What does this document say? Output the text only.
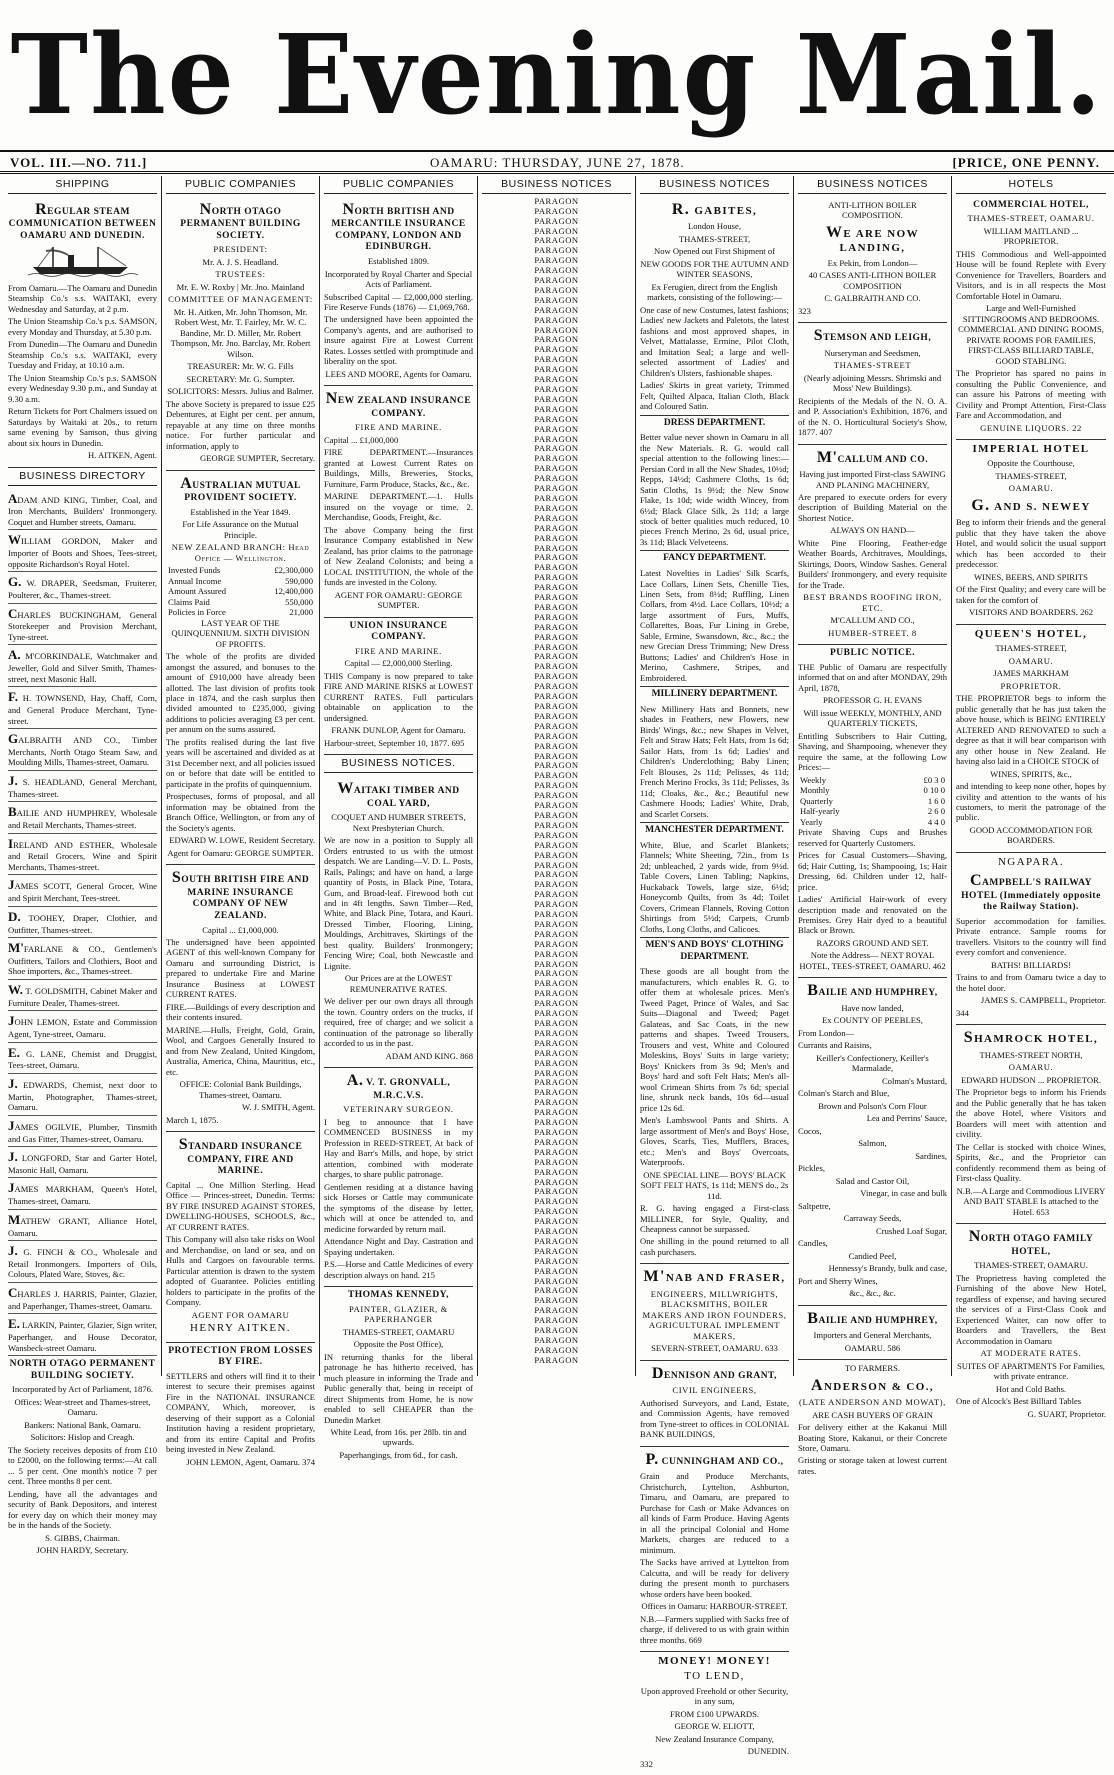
The Evening Mail.
VOL. III.—NO. 711.]	OAMARU: THURSDAY, JUNE 27, 1878.	[PRICE, ONE PENNY.
SHIPPING
REGULAR STEAM COMMUNICATION BETWEEN OAMARU AND DUNEDIN.

From Oamaru.—The Oamaru and Dunedin Steamship Co.'s s.s. WAITAKI, every Wednesday and Saturday, at 2 p.m.

The Union Steamship Co.'s p.s. SAMSON, every Monday and Thursday, at 5.30 p.m.

From Dunedin—The Oamaru and Dunedin Steamship Co.'s s.s. WAITAKI, every Tuesday and Friday, at 10.10 a.m.

The Union Steamship Co.'s p.s. SAMSON every Wednesday 9.30 p.m., and Sunday at 9.30 a.m.

Return Tickets for Port Chalmers issued on Saturdays by Waitaki at 20s., to return same evening by Samson, thus giving about six hours in Dunedin.

H. AITKEN, Agent.

BUSINESS DIRECTORY
ADAM AND KING, Timber, Coal, and Iron Merchants, Builders' Ironmongery. Coquet and Humber streets, Oamaru.
WILLIAM GORDON, Maker and Importer of Boots and Shoes, Tees-street, opposite Richardson's Royal Hotel.
G. W. DRAPER, Seedsman, Fruiterer, Poulterer, &c., Thames-street.
CHARLES BUCKINGHAM, General Storekeeper and Provision Merchant, Tyne-street.
A. M'CORKINDALE, Watchmaker and Jeweller, Gold and Silver Smith, Thames-street, next Masonic Hall.
F. H. TOWNSEND, Hay, Chaff, Corn, and General Produce Merchant, Tyne-street.
GALBRAITH AND CO., Timber Merchants, North Otago Steam Saw, and Moulding Mills, Thames-street, Oamaru.
J. S. HEADLAND, General Merchant, Thames-street.
BAILIE AND HUMPHREY, Wholesale and Retail Merchants, Thames-street.
IRELAND AND ESTHER, Wholesale and Retail Grocers, Wine and Spirit Merchants, Thames-street.
JAMES SCOTT, General Grocer, Wine and Spirit Merchant, Tees-street.
D. TOOHEY, Draper, Clothier, and Outfitter, Thames-street.
M'FARLANE & CO., Gentlemen's Outfitters, Tailors and Clothiers, Boot and Shoe importers, &c., Thames-street.
W. T. GOLDSMITH, Cabinet Maker and Furniture Dealer, Thames-street.
JOHN LEMON, Estate and Commission Agent, Tyne-street, Oamaru.
E. G. LANE, Chemist and Druggist, Tees-street, Oamaru.
J. EDWARDS, Chemist, next door to Martin, Photographer, Thames-street, Oamaru.
JAMES OGILVIE, Plumber, Tinsmith and Gas Fitter, Thames-street, Oamaru.
J. LONGFORD, Star and Garter Hotel, Masonic Hall, Oamaru.
JAMES MARKHAM, Queen's Hotel, Thames-street, Oamaru.
MATHEW GRANT, Alliance Hotel, Oamaru.
J. G. FINCH & CO., Wholesale and Retail Ironmongers. Importers of Oils, Colours, Plated Ware, Stoves, &c.
CHARLES J. HARRIS, Painter, Glazier, and Paperhanger, Thames-street, Oamaru.
E. LARKIN, Painter, Glazier, Sign writer, Paperhanger, and House Decorator, Wansbeck-street Oamaru.
NORTH OTAGO PERMANENT BUILDING SOCIETY.

Incorporated by Act of Parliament, 1876.

Offices: Wear-street and Thames-street, Oamaru.

Bankers: National Bank, Oamaru.

Solicitors: Hislop and Creagh.

The Society receives deposits of from £10 to £2000, on the following terms:—At call ... 5 per cent. One month's notice 7 per cent. Three months 8 per cent.

Lending, have all the advantages and security of Bank Depositors, and interest for every day on which their money may be in the hands of the Society.

S. GIBBS, Chairman.

JOHN HARDY, Secretary.

PUBLIC COMPANIES
NORTH OTAGO PERMANENT BUILDING SOCIETY.

PRESIDENT:

Mr. A. J. S. Headland.

TRUSTEES:

Mr. E. W. Roxby | Mr. Jno. Mainland

COMMITTEE OF MANAGEMENT:

Mr. H. Aitken, Mr. John Thomson, Mr. Robert West, Mr. T. Fairley, Mr. W. C. Bandine, Mr. D. Miller, Mr. Robert Thompson, Mr. Jno. Barclay, Mr. Robert Wilson.

TREASURER: Mr. W. G. Fills

SECRETARY: Mr. G. Sumpter.

SOLICITORS: Messrs. Julius and Balmer.

The above Society is prepared to issue £25 Debentures, at Eight per cent. per annum, repayable at any time on three months notice. For further particular and information, apply to

GEORGE SUMPTER, Secretary.

AUSTRALIAN MUTUAL PROVIDENT SOCIETY.

Established in the Year 1849.

For Life Assurance on the Mutual Principle.

NEW ZEALAND BRANCH: Head Office — Wellington.

Invested Funds	£2,300,000
Annual Income	590,000
Amount Assured	12,400,000
Claims Paid	550,000
Policies in Force	21,000

LAST YEAR OF THE QUINQUENNIUM. SIXTH DIVISION OF PROFITS.

The whole of the profits are divided amongst the assured, and bonuses to the amount of £910,000 have already been allotted. The last division of profits took place in 1874, and the cash surplus then divided amounted to £235,000, giving additions to policies averaging £3 per cent. per annum on the sums assured.

The profits realised during the last five years will be ascertained and divided as at 31st December next, and all policies issued on or before that date will be entitled to participate in the profits of quinquennium.

Prospectuses, forms of proposal, and all information may be obtained from the Branch Office, Wellington, or from any of the Society's agents.

EDWARD W. LOWE, Resident Secretary.

Agent for Oamaru: GEORGE SUMPTER.

SOUTH BRITISH FIRE AND MARINE INSURANCE COMPANY OF NEW ZEALAND.

Capital ... £1,000,000.

The undersigned have been appointed AGENT of this well-known Company for Oamaru and surrounding District, is prepared to undertake Fire and Marine Insurance Business at LOWEST CURRENT RATES.

FIRE.—Buildings of every description and their contents insured.

MARINE.—Hulls, Freight, Gold, Grain, Wool, and Cargoes Generally Insured to and from New Zealand, United Kingdom, Australia, America, China, Mauritius, etc., etc.

OFFICE: Colonial Bank Buildings, Thames-street, Oamaru.

W. J. SMITH, Agent.

March 1, 1875.

STANDARD INSURANCE COMPANY, FIRE AND MARINE.

Capital ... One Million Sterling. Head Office — Princes-street, Dunedin. Terms: BY FIRE INSURED AGAINST STORES, DWELLING-HOUSES, SCHOOLS, &c., AT CURRENT RATES.

This Company will also take risks on Wool and Merchandise, on land or sea, and on Hulls and Cargoes on favourable terms. Particular attention is drawn to the system adopted of Guarantee. Policies entitling holders to participate in the profits of the Company.

AGENT FOR OAMARU

HENRY AITKEN.

PROTECTION FROM LOSSES BY FIRE.

SETTLERS and others will find it to their interest to secure their premises against Fire in the NATIONAL INSURANCE COMPANY, Which, moreover, is deserving of their support as a Colonial Institution having a resident proprietary, and from its entire Capital and Profits being invested in New Zealand.

JOHN LEMON, Agent, Oamaru. 374

PUBLIC COMPANIES
NORTH BRITISH AND MERCANTILE INSURANCE COMPANY, LONDON AND EDINBURGH.

Established 1809.

Incorporated by Royal Charter and Special Acts of Parliament.

Subscribed Capital — £2,000,000 sterling. Fire Reserve Funds (1876) — £1,069,768.

The undersigned have been appointed the Company's agents, and are authorised to insure against Fire at Lowest Current Rates. Losses settled with promptitude and liberality on the spot.

LEES AND MOORE, Agents for Oamaru.

NEW ZEALAND INSURANCE COMPANY.

FIRE AND MARINE.

Capital ... £1,000,000

FIRE DEPARTMENT.—Insurances granted at Lowest Current Rates on Buildings, Mills, Breweries, Stocks, Furniture, Farm Produce, Stacks, &c., &c.

MARINE DEPARTMENT.—1. Hulls insured on the voyage or time. 2. Merchandise, Goods, Freight, &c.

The above Company being the first Insurance Company established in New Zealand, has prior claims to the patronage of New Zealand Colonists; and being a LOCAL INSTITUTION, the whole of the funds are invested in the Colony.

AGENT FOR OAMARU: GEORGE SUMPTER.

UNION INSURANCE COMPANY.

FIRE AND MARINE.

Capital — £2,000,000 Sterling.

THIS Company is now prepared to take FIRE AND MARINE RISKS at LOWEST CURRENT RATES. Full particulars obtainable on application to the undersigned.

FRANK DUNLOP, Agent for Oamaru.

Harbour-street, September 10, 1877. 695

BUSINESS NOTICES.
WAITAKI TIMBER AND COAL YARD,

COQUET AND HUMBER STREETS, Next Presbyterian Church.

We are now in a position to Supply all Orders entrusted to us with the utmost despatch. We are Landing—V. D. L. Posts, Rails, Palings; and have on hand, a large quantity of Posts, in Black Pine, Totara, Gum, and Broad-leaf. Firewood both cut and in 4ft lengths. Sawn Timber—Red, White, and Black Pine, Totara, and Kauri. Dressed Timber, Flooring, Lining, Mouldings, Architraves, Skirtings of the best quality. Builders' Ironmongery; Fencing Wire; Coal, both Newcastle and Lignite.

Our Prices are at the LOWEST REMUNERATIVE RATES.

We deliver per our own drays all through the town. Country orders on the trucks, if required, free of charge; and we solicit a continuation of the patronage so liberally accorded to us in the past.

ADAM AND KING. 868

A. V. T. GRONVALL, M.R.C.V.S.

VETERINARY SURGEON.

I beg to announce that I have COMMENCED BUSINESS in my Profession in REED-STREET, At back of Hay and Barr's Mills, and hope, by strict attention, combined with moderate charges, to share public patronage.

Gentlemen residing at a distance having sick Horses or Cattle may communicate the symptoms of the disease by letter, which will at once be attended to, and medicine forwarded by return mail.

Attendance Night and Day. Castration and Spaying undertaken.

P.S.—Horse and Cattle Medicines of every description always on hand. 215

THOMAS KENNEDY,

PAINTER, GLAZIER, & PAPERHANGER

THAMES-STREET, OAMARU

Opposite the Post Office),

IN returning thanks for the liberal patronage he has hitherto received, has much pleasure in informing the Trade and Public generally that, being in receipt of direct Shipments from Home, he is now enabled to sell CHEAPER than the Dunedin Market

White Lead, from 16s. per 28lb. tin and upwards.

Paperhangings, from 6d., for cash.

BUSINESS NOTICES
PARAGON
PARAGON
PARAGON
PARAGON
PARAGON
PARAGON
PARAGON
PARAGON
PARAGON
PARAGON
PARAGON
PARAGON
PARAGON
PARAGON
PARAGON
PARAGON
PARAGON
PARAGON
PARAGON
PARAGON
PARAGON
PARAGON
PARAGON
PARAGON
PARAGON
PARAGON
PARAGON
PARAGON
PARAGON
PARAGON
PARAGON
PARAGON
PARAGON
PARAGON
PARAGON
PARAGON
PARAGON
PARAGON
PARAGON
PARAGON
PARAGON
PARAGON
PARAGON
PARAGON
PARAGON
PARAGON
PARAGON
PARAGON
PARAGON
PARAGON
PARAGON
PARAGON
PARAGON
PARAGON
PARAGON
PARAGON
PARAGON
PARAGON
PARAGON
PARAGON
PARAGON
PARAGON
PARAGON
PARAGON
PARAGON
PARAGON
PARAGON
PARAGON
PARAGON
PARAGON
PARAGON
PARAGON
PARAGON
PARAGON
PARAGON
PARAGON
PARAGON
PARAGON
PARAGON
PARAGON
PARAGON
PARAGON
PARAGON
PARAGON
PARAGON
PARAGON
PARAGON
PARAGON
PARAGON
PARAGON
PARAGON
PARAGON
PARAGON
PARAGON
PARAGON
PARAGON
PARAGON
PARAGON
PARAGON
PARAGON
PARAGON
PARAGON
PARAGON
PARAGON
PARAGON
PARAGON
PARAGON
PARAGON
PARAGON
PARAGON
PARAGON
PARAGON
PARAGON
PARAGON
PARAGON
PARAGON
PARAGON
PARAGON
BUSINESS NOTICES
R. GABITES,

London House,

THAMES-STREET,

Now Opened out First Shipment of

NEW GOODS FOR THE AUTUMN AND WINTER SEASONS,

Ex Ferugien, direct from the English markets, consisting of the following:—

One case of new Costumes, latest fashions; Ladies' new Jackets and Paletots, the latest fashions and most approved shapes, in Velvet, Mattalasse, Ermine, Pilot Cloth, and Imitation Seal; a large and well-selected assortment of Ladies' and Children's Ulsters, fashionable shapes.

Ladies' Skirts in great variety, Trimmed Felt, Quilted Alpaca, Italian Cloth, Black and Coloured Satin.

DRESS DEPARTMENT.

Better value never shown in Oamaru in all the New Materials. R. G. would call special attention to the following lines:—Persian Cord in all the New Shades, 10½d; Repps, 14½d; Cashmere Cloths, 1s 6d; Satin Cloths, 1s 9½d; the New Snow Flake, 1s 10d; wide width Wincey, from 6½d; Black Glace Silk, 2s 11d; a large stock of better qualities much reduced, 10 pieces French Merino, 2s 6d, usual price, 3s 11d; Black Velveteens.

FANCY DEPARTMENT.

Latest Novelties in Ladies' Silk Scarfs, Lace Collars, Linen Sets, Chenille Ties, Linen Sets, from 8½d; Ruffling, Linen Collars, from 4½d. Lace Collars, 10½d; a large assortment of Furs, Muffs, Collarettes, Boas, Fur Lining in Grebe, Sable, Ermine, Swansdown, &c., &c.; the new Grecian Dress Trimming; New Dress Buttons; Ladies' and Children's Hose in Merino, Cashmere, Stripes, and Embroidered.

MILLINERY DEPARTMENT.

New Millinery Hats and Bonnets, new shades in Feathers, new Flowers, new Birds' Wings, &c.; new Shapes in Velvet, Felt and Straw Hats; Felt Hats, from 1s 6d; Sailor Hats, from 1s 6d; Ladies' and Children's Underclothing; Baby Linen; Felt Blouses, 2s 11d; Pelisses, 4s 11d; French Merino Frocks, 3s 11d; Pelisses, 3s 11d; Cloaks, &c., &c.; Beautiful new Cashmere Hoods; Ladies' White, Drab, and Scarlet Corsets.

MANCHESTER DEPARTMENT.

White, Blue, and Scarlet Blankets; Flannels; White Sheeting, 72in., from 1s 2d; unbleached, 2 yards wide, from 9½d. Table Covers, Linen Tabling; Napkins, Huckaback Towels, large size, 6½d; Honeycomb Quilts, from 3s 4d; Toilet Covers, Crimean Flannels, Roving Cotton Shirtings from 5½d; Carpets, Crumb Cloths, Long Cloths, and Calicoes.

MEN'S AND BOYS' CLOTHING DEPARTMENT.

These goods are all bought from the manufacturers, which enables R. G. to offer them at wholesale prices. Men's Tweed Paget, Prince of Wales, and Sac Suits—Diagonal and Tweed; Paget Galateas, and Sac Coats, in the new patterns and shapes. Tweed Trousers, Trousers and vest, White and Coloured Moleskins, Boys' Suits in large variety; Boys' Knickers from 3s 9d; Men's and Boys' hard and soft Felt Hats; Men's all-wool Crimean Shirts from 7s 6d; special line, shrunk neck bands, 10s 6d—usual price 12s 6d.

Men's Lambswool Pants and Shirts. A large assortment of Men's and Boys' Hose, Gloves, Scarfs, Ties, Mufflers, Braces, etc.; Men's and Boys' Overcoats, Waterproofs.

ONE SPECIAL LINE— BOYS' BLACK SOFT FELT HATS, 1s 11d; MEN'S do., 2s 11d.

R. G. having engaged a First-class MILLINER, for Style, Quality, and Cheapness cannot be surpassed.

One shilling in the pound returned to all cash purchasers.

M'NAB AND FRASER,

ENGINEERS, MILLWRIGHTS, BLACKSMITHS, BOILER MAKERS AND IRON FOUNDERS, AGRICULTURAL IMPLEMENT MAKERS,

SEVERN-STREET, OAMARU. 633

DENNISON AND GRANT,

CIVIL ENGINEERS,

Authorised Surveyors, and Land, Estate, and Commission Agents, have removed from Tyne-street to offices in COLONIAL BANK BUILDINGS,

P. CUNNINGHAM AND CO.,

Grain and Produce Merchants, Christchurch, Lyttelton, Ashburton, Timaru, and Oamaru, are prepared to Purchase for Cash or Make Advances on all kinds of Farm Produce. Having Agents in all the principal Colonial and Home Markets, charges are reduced to a minimum.

The Sacks have arrived at Lyttelton from Calcutta, and will be ready for delivery during the present month to purchasers whose orders have been booked.

Offices in Oamaru: HARBOUR-STREET.

N.B.—Farmers supplied with Sacks free of charge, if delivered to us with grain within three months. 669

MONEY! MONEY!

TO LEND,

Upon approved Freehold or other Security, in any sum,

FROM £100 UPWARDS.

GEORGE W. ELIOTT,

New Zealand Insurance Company,

DUNEDIN.

332

BUSINESS NOTICES

ANTI-LITHON BOILER COMPOSITION.

WE ARE NOW LANDING,

Ex Pekin, from London—

40 CASES ANTI-LITHON BOILER COMPOSITION

C. GALBRAITH AND CO.

323

STEMSON AND LEIGH,

Nurseryman and Seedsmen,

THAMES-STREET

(Nearly adjoining Messrs. Shrimski and Moss' New Buildings).

Recipients of the Medals of the N. O. A. and P. Association's Exhibition, 1876, and of the N. O. Horticultural Society's Show, 1877. 407

M'CALLUM AND CO.

Having just imported First-class SAWING AND PLANING MACHINERY,

Are prepared to execute orders for every description of Building Material on the Shortest Notice.

ALWAYS ON HAND—

White Pine Flooring, Feather-edge Weather Boards, Architraves, Mouldings, Skirtings, Doors, Window Sashes. General Builders' Ironmongery, and every requisite for the Trade.

BEST BRANDS ROOFING IRON, ETC.

M'CALLUM AND CO.,

HUMBER-STREET. 8

PUBLIC NOTICE.

THE Public of Oamaru are respectfully informed that on and after MONDAY, 29th April, 1878,

PROFESSOR G. H. EVANS

Will issue WEEKLY, MONTHLY, AND QUARTERLY TICKETS,

Entitling Subscribers to Hair Cutting, Shaving, and Shampooing, whenever they require the same, at the following Low Prices:—

Weekly	£0 3 0
Monthly	0 10 0
Quarterly	1 6 0
Half-yearly	2 6 0
Yearly	4 4 0

Private Shaving Cups and Brushes reserved for Quarterly Customers.

Prices for Casual Customers—Shaving, 6d; Hair Cutting, 1s; Shampooing, 1s; Hair Dressing, 6d. Children under 12, half-price.

Ladies' Artificial Hair-work of every description made and renovated on the Premises. Grey Hair dyed to a beautiful Black or Brown.

RAZORS GROUND AND SET.

Note the Address— NEXT ROYAL HOTEL, TEES-STREET, OAMARU. 462

BAILIE AND HUMPHREY,

Have now landed,

Ex COUNTY OF PEEBLES,

From London—

Currants and Raisins,

Keiller's Confectionery, Keiller's Marmalade,

Colman's Mustard,

Colman's Starch and Blue,

Brown and Polson's Corn Flour

Lea and Perrins' Sauce,

Cocos,

Salmon,

Sardines,

Pickles,

Salad and Castor Oil,

Vinegar, in case and bulk

Saltpetre,

Carraway Seeds,

Crushed Loaf Sugar,

Candles,

Candied Peel,

Hennessy's Brandy, bulk and case,

Port and Sherry Wines,

&c., &c., &c.

BAILIE AND HUMPHREY,

Importers and General Merchants,

OAMARU. 586

TO FARMERS.

ANDERSON & CO.,

(LATE ANDERSON AND MOWAT),

ARE CASH BUYERS OF GRAIN

For delivery either at the Kakanui Mill Boating Store, Kakanui, or their Concrete Store, Oamaru.

Gristing or storage taken at lowest current rates.

HOTELS
COMMERCIAL HOTEL,

THAMES-STREET, OAMARU.

WILLIAM MAITLAND ... PROPRIETOR.

THIS Commodious and Well-appointed House will be found Replete with Every Convenience for Travellers, Boarders and Visitors, and is in all respects the Most Comfortable Hotel in Oamaru.

Large and Well-Furnished SITTINGROOMS AND BEDROOMS. COMMERCIAL AND DINING ROOMS, PRIVATE ROOMS FOR FAMILIES, FIRST-CLASS BILLIARD TABLE, GOOD STABLING.

The Proprietor has spared no pains in consulting the Public Convenience, and can assure his Patrons of meeting with Civility and Prompt Attention, First-Class Fare and Accommodation, and

GENUINE LIQUORS. 22

IMPERIAL HOTEL

Opposite the Courthouse,

THAMES-STREET,

OAMARU.

G. AND S. NEWEY

Beg to inform their friends and the general public that they have taken the above Hotel, and would solicit the usual support which has been accorded to their predecessor.

WINES, BEERS, AND SPIRITS

Of the First Quality; and every care will be taken for the comfort of

VISITORS AND BOARDERS. 262

QUEEN'S HOTEL,

THAMES-STREET,

OAMARU.

JAMES MARKHAM

PROPRIETOR.

THE PROPRIETOR begs to inform the public generally that he has just taken the above house, which is BEING ENTIRELY ALTERED AND RENOVATED to such a degree as that it will bear comparison with any other house in New Zealand. He having also laid in a CHOICE STOCK of

WINES, SPIRITS, &c.,

and intending to keep none other, hopes by civility and attention to the wants of his customers, to merit the patronage of the public.

GOOD ACCOMMODATION FOR BOARDERS.

NGAPARA.

CAMPBELL'S RAILWAY HOTEL (Immediately opposite the Railway Station).

Superior accommodation for families. Private entrance. Sample rooms for travellers. Visitors to the country will find every comfort and convenience.

BATHS! BILLIARDS!

Trains to and from Oamaru twice a day to the hotel door.

JAMES S. CAMPBELL, Proprietor.

344

SHAMROCK HOTEL,

THAMES-STREET NORTH,

OAMARU.

EDWARD HUDSON ... PROPRIETOR.

The Proprietor begs to inform his Friends and the Public generally that he has taken the above Hotel, where Visitors and Boarders will meet with attention and civility.

The Cellar is stocked with choice Wines, Spirits, &c., and the Proprietor can confidently recommend them as being of First-class Quality.

N.B.—A Large and Commodious LIVERY AND BAIT STABLE Is attached to the Hotel. 653

NORTH OTAGO FAMILY HOTEL,

THAMES-STREET, OAMARU.

The Proprietress having completed the Furnishing of the above New Hotel, regardless of expense, and having secured the services of a First-Class Cook and Experienced Waiter, can now offer to Boarders and Travellers, the Best Accommodation in Oamaru

AT MODERATE RATES.

SUITES OF APARTMENTS For Families, with private entrance.

Hot and Cold Baths.

One of Alcock's Best Billiard Tables

G. SUART, Proprietor.
